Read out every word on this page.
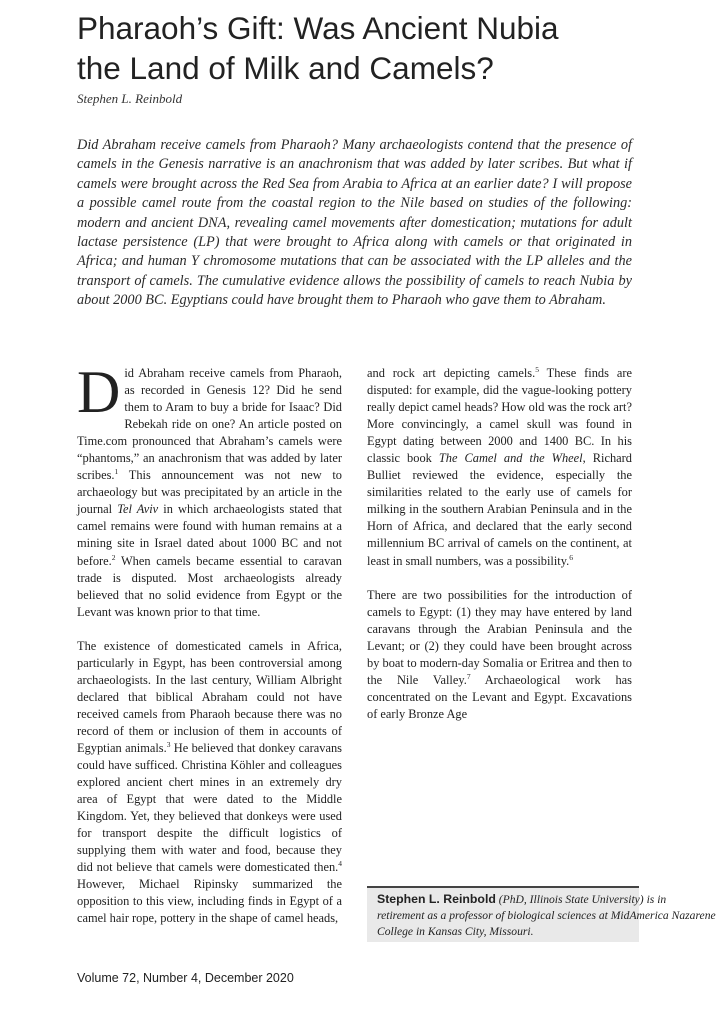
Pharaoh’s Gift: Was Ancient Nubia
the Land of Milk and Camels?
Stephen L. Reinbold

Did Abraham receive camels from Pharaoh? Many archaeologists contend that the presence of camels in the Genesis narrative is an anachronism that was added by later scribes. But what if camels were brought across the Red Sea from Arabia to Africa at an earlier date? I will propose a possible camel route from the coastal region to the Nile based on studies of the following: modern and ancient DNA, revealing camel movements after domestication; mutations for adult lactase persistence (LP) that were brought to Africa along with camels or that originated in Africa; and human Y chromosome mutations that can be associated with the LP alleles and the transport of camels. The cumulative evidence allows the possibility of camels to reach Nubia by about 2000 BC. Egyptians could have brought them to Pharaoh who gave them to Abraham.

Did Abraham receive camels from Pharaoh, as recorded in Genesis 12? Did he send them to Aram to buy a bride for Isaac? Did Rebekah ride on one? An article posted on Time.com pronounced that Abraham’s camels were “phantoms,” an anachronism that was added by later scribes.$^1$ This announcement was not new to archaeology but was precipitated by an article in the journal Tel Aviv in which archaeologists stated that camel remains were found with human remains at a mining site in Israel dated about 1000 BC and not before.$^2$ When camels became essential to caravan trade is disputed. Most archaeologists already believed that no solid evidence from Egypt or the Levant was known prior to that time.

The existence of domesticated camels in Africa, particularly in Egypt, has been controversial among archaeologists. In the last century, William Albright declared that biblical Abraham could not have received camels from Pharaoh because there was no record of them or inclusion of them in accounts of Egyptian animals.$^3$ He believed that donkey caravans could have sufficed. Christina Köhler and colleagues explored ancient chert mines in an extremely dry area of Egypt that were dated to the Middle Kingdom. Yet, they believed that donkeys were used for transport despite the difficult logistics of supplying them with water and food, because they did not believe that camels were domesticated then.$^4$ However, Michael Ripinsky summarized the opposition to this view, including finds in Egypt of a camel hair rope, pottery in the shape of camel heads,

and rock art depicting camels.$^5$ These finds are disputed: for example, did the vague-looking pottery really depict camel heads? How old was the rock art? More convincingly, a camel skull was found in Egypt dating between 2000 and 1400 BC. In his classic book The Camel and the Wheel, Richard Bulliet reviewed the evidence, especially the similarities related to the early use of camels for milking in the southern Arabian Peninsula and in the Horn of Africa, and declared that the early second millennium BC arrival of camels on the continent, at least in small numbers, was a possibility.$^6$

There are two possibilities for the introduction of camels to Egypt: (1) they may have entered by land caravans through the Arabian Peninsula and the Levant; or (2) they could have been brought across by boat to modern-day Somalia or Eritrea and then to the Nile Valley.$^7$ Archaeological work has concentrated on the Levant and Egypt. Excavations of early Bronze Age

Stephen L. Reinbold (PhD, Illinois State University) is in
retirement as a professor of biological sciences at MidAmerica Nazarene
College in Kansas City, Missouri.
Volume 72, Number 4, December 2020
